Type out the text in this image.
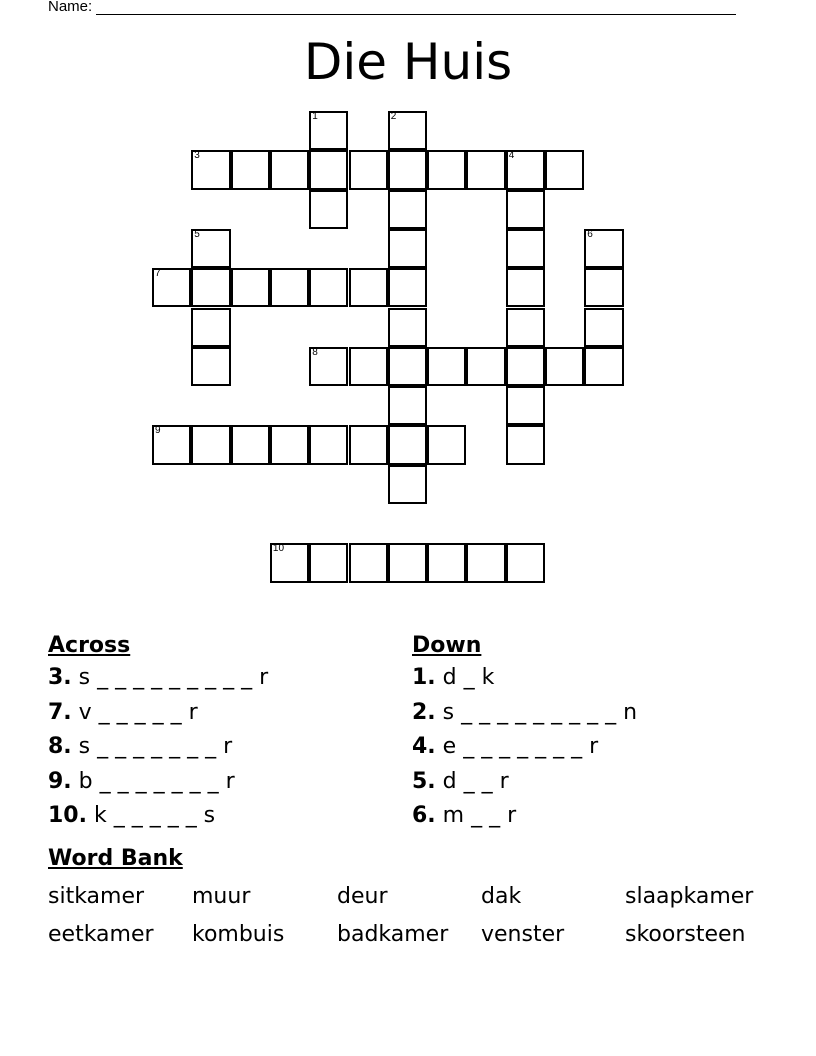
Name:
Die Huis
1	2
3	4
5	6
7
8
9
10
Across
3. s _ _ _ _ _ _ _ _ _ r
7. v _ _ _ _ _ r
8. s _ _ _ _ _ _ _ r
9. b _ _ _ _ _ _ _ r
10. k _ _ _ _ _ s
Down
1. d _ k
2. s _ _ _ _ _ _ _ _ _ n
4. e _ _ _ _ _ _ _ r
5. d _ _ r
6. m _ _ r
Word Bank
sitkamer muur	deur	dak	slaapkamer
eetkamer kombuis badkamer venster	skoorsteen
